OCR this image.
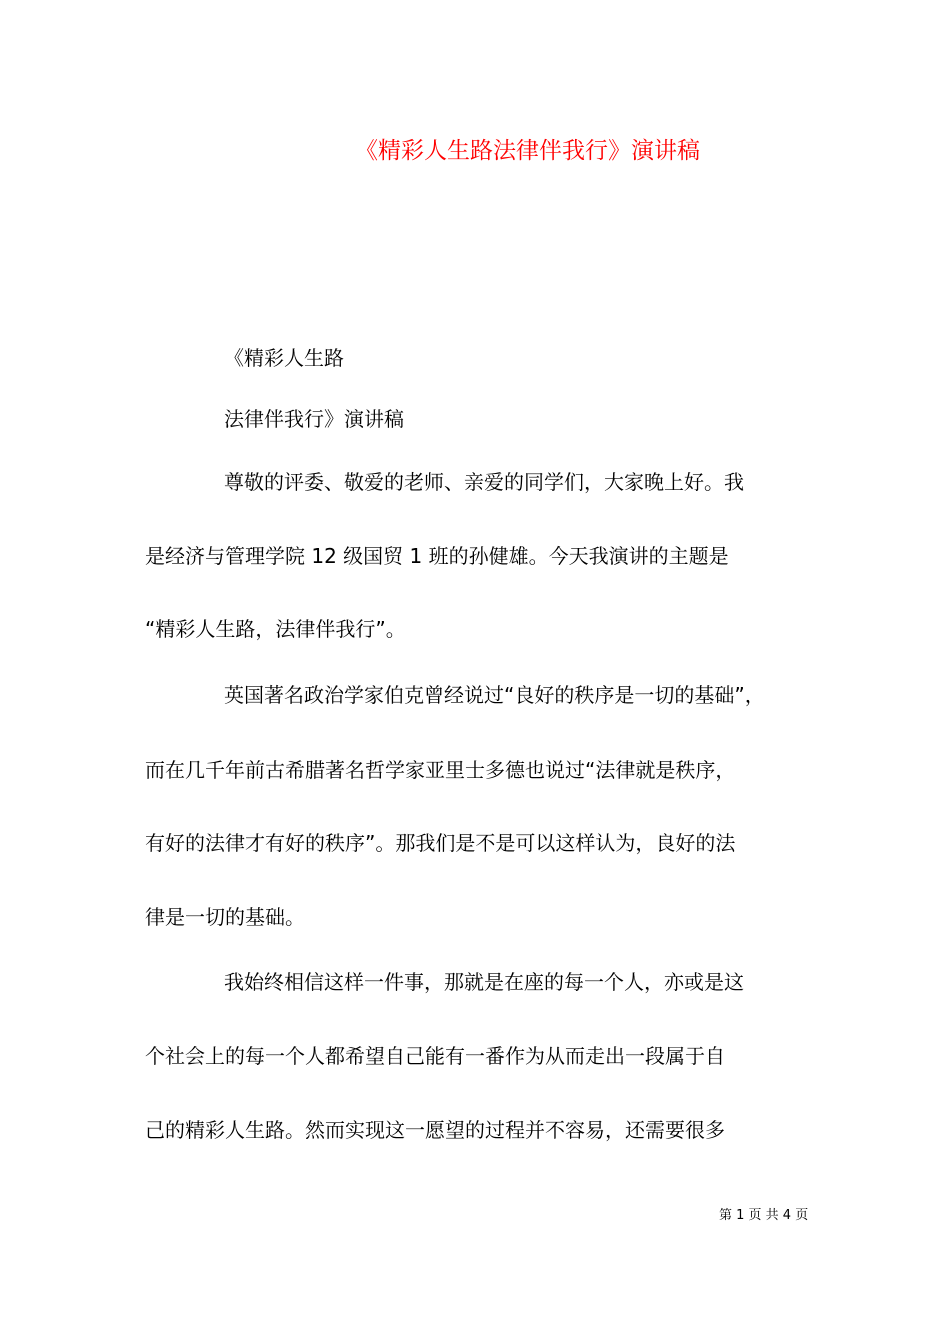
《精彩人生路法律伴我行》演讲稿
《精彩人生路
法律伴我行》演讲稿
尊敬的评委、敬爱的老师、亲爱的同学们，大家晚上好。我
是经济与管理学院 12 级国贸 1 班的孙健雄。今天我演讲的主题是
“精彩人生路，法律伴我行”。
英国著名政治学家伯克曾经说过“良好的秩序是一切的基础”，
而在几千年前古希腊著名哲学家亚里士多德也说过“法律就是秩序，
有好的法律才有好的秩序”。那我们是不是可以这样认为，良好的法
律是一切的基础。
我始终相信这样一件事，那就是在座的每一个人，亦或是这
个社会上的每一个人都希望自己能有一番作为从而走出一段属于自
己的精彩人生路。然而实现这一愿望的过程并不容易，还需要很多
第 1 页 共 4 页
